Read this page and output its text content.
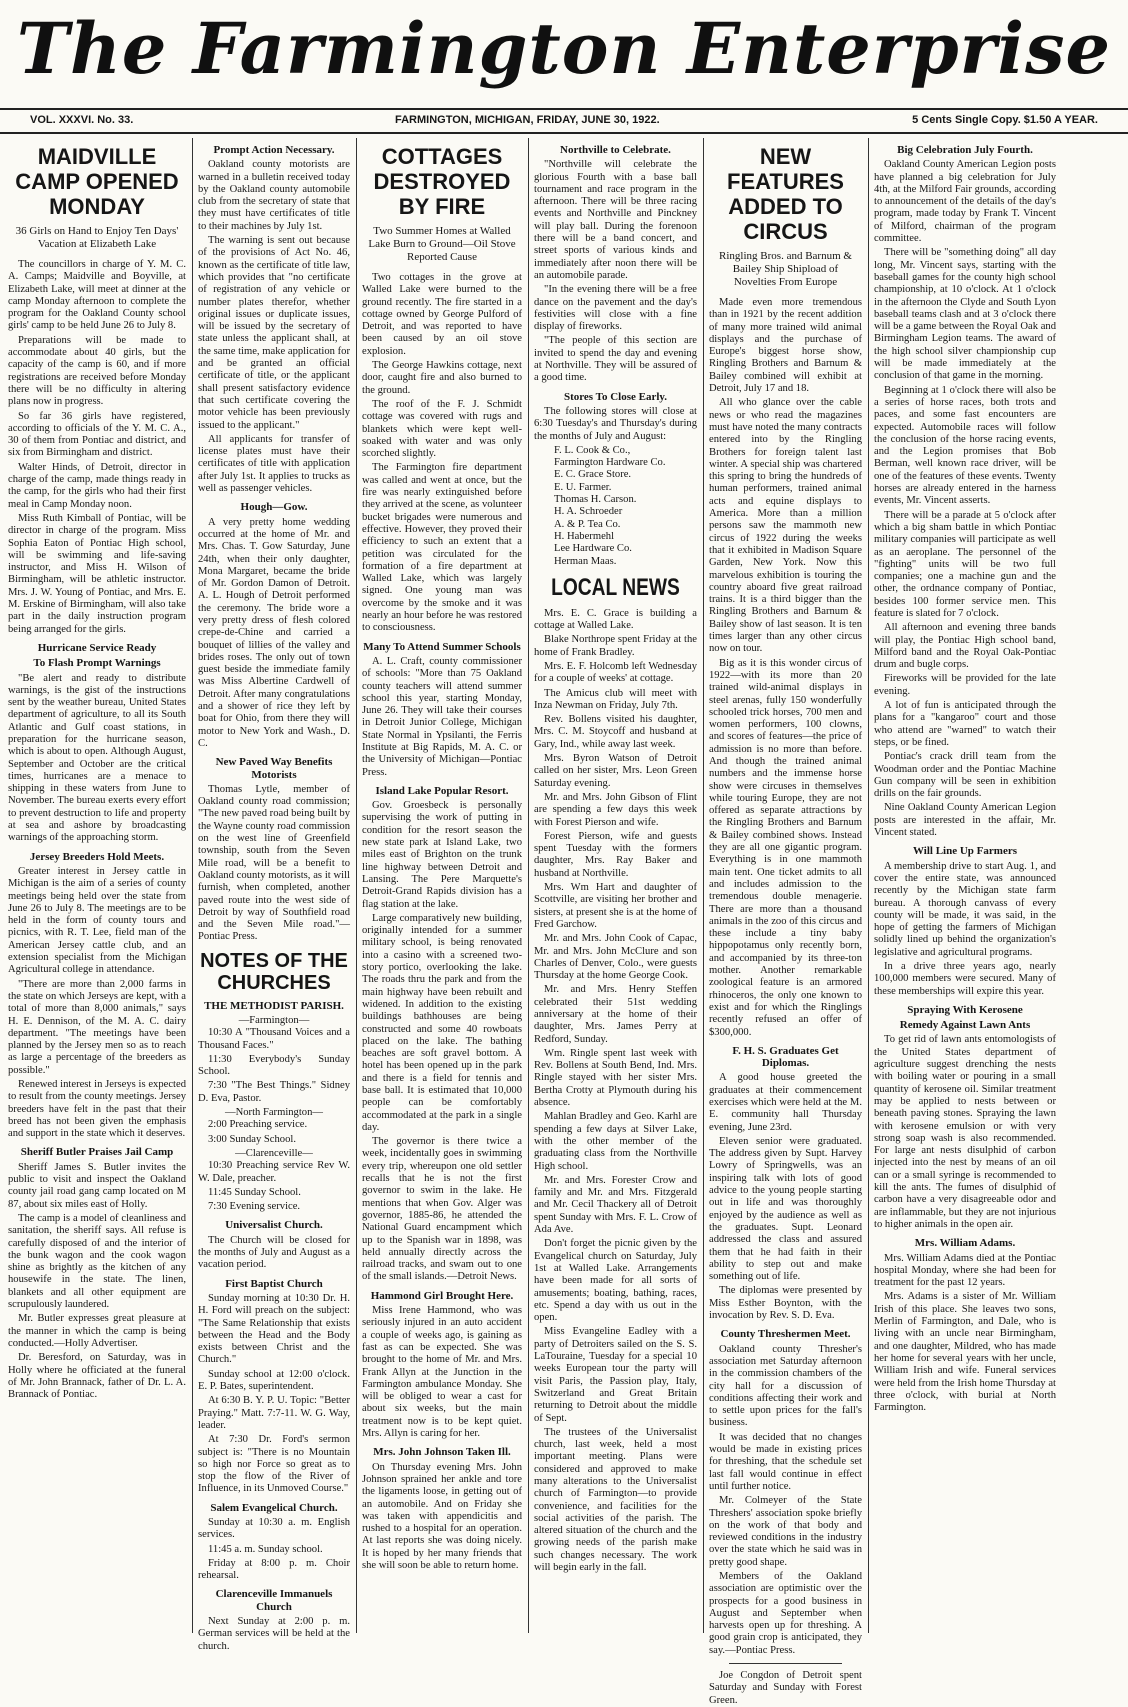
The Farmington Enterprise
VOL. XXXVI. No. 33.	FARMINGTON, MICHIGAN, FRIDAY, JUNE 30, 1922.	5 Cents Single Copy. $1.50 A YEAR.
MAIDVILLE CAMP OPENED MONDAY
36 Girls on Hand to Enjoy Ten Days' Vacation at Elizabeth Lake

The councillors in charge of Y. M. C. A. Camps; Maidville and Boyville, at Elizabeth Lake, will meet at dinner at the camp Monday afternoon to complete the program for the Oakland County school girls' camp to be held June 26 to July 8.

Preparations will be made to accommodate about 40 girls, but the capacity of the camp is 60, and if more registrations are received before Monday there will be no difficulty in altering plans now in progress.

So far 36 girls have registered, according to officials of the Y. M. C. A., 30 of them from Pontiac and district, and six from Birmingham and district.

Walter Hinds, of Detroit, director in charge of the camp, made things ready in the camp, for the girls who had their first meal in Camp Monday noon.

Miss Ruth Kimball of Pontiac, will be director in charge of the program. Miss Sophia Eaton of Pontiac High school, will be swimming and life-saving instructor, and Miss H. Wilson of Birmingham, will be athletic instructor. Mrs. J. W. Young of Pontiac, and Mrs. E. M. Erskine of Birmingham, will also take part in the daily instruction program being arranged for the girls.

Hurricane Service Ready
To Flash Prompt Warnings

"Be alert and ready to distribute warnings, is the gist of the instructions sent by the weather bureau, United States department of agriculture, to all its South Atlantic and Gulf coast stations, in preparation for the hurricane season, which is about to open. Although August, September and October are the critical times, hurricanes are a menace to shipping in these waters from June to November. The bureau exerts every effort to prevent destruction to life and property at sea and ashore by broadcasting warnings of the approaching storm.

Jersey Breeders Hold Meets.

Greater interest in Jersey cattle in Michigan is the aim of a series of county meetings being held over the state from June 26 to July 8. The meetings are to be held in the form of county tours and picnics, with R. T. Lee, field man of the American Jersey cattle club, and an extension specialist from the Michigan Agricultural college in attendance.

"There are more than 2,000 farms in the state on which Jerseys are kept, with a total of more than 8,000 animals," says H. E. Dennison, of the M. A. C. dairy department. "The meetings have been planned by the Jersey men so as to reach as large a percentage of the breeders as possible."

Renewed interest in Jerseys is expected to result from the county meetings. Jersey breeders have felt in the past that their breed has not been given the emphasis and support in the state which it deserves.

Sheriff Butler Praises Jail Camp

Sheriff James S. Butler invites the public to visit and inspect the Oakland county jail road gang camp located on M 87, about six miles east of Holly.

The camp is a model of cleanliness and sanitation, the sheriff says. All refuse is carefully disposed of and the interior of the bunk wagon and the cook wagon shine as brightly as the kitchen of any housewife in the state. The linen, blankets and all other equipment are scrupulously laundered.

Mr. Butler expresses great pleasure at the manner in which the camp is being conducted.—Holly Advertiser.

Dr. Beresford, on Saturday, was in Holly where he officiated at the funeral of Mr. John Brannack, father of Dr. L. A. Brannack of Pontiac.

Prompt Action Necessary.

Oakland county motorists are warned in a bulletin received today by the Oakland county automobile club from the secretary of state that they must have certificates of title to their machines by July 1st.

The warning is sent out because of the provisions of Act No. 46, known as the certificate of title law, which provides that "no certificate of registration of any vehicle or number plates therefor, whether original issues or duplicate issues, will be issued by the secretary of state unless the applicant shall, at the same time, make application for and be granted an official certificate of title, or the applicant shall present satisfactory evidence that such certificate covering the motor vehicle has been previously issued to the applicant."

All applicants for transfer of license plates must have their certificates of title with application after July 1st. It applies to trucks as well as passenger vehicles.

Hough—Gow.

A very pretty home wedding occurred at the home of Mr. and Mrs. Chas. T. Gow Saturday, June 24th, when their only daughter, Mona Margaret, became the bride of Mr. Gordon Damon of Detroit. A. L. Hough of Detroit performed the ceremony. The bride wore a very pretty dress of flesh colored crepe-de-Chine and carried a bouquet of lillies of the valley and brides roses. The only out of town guest beside the immediate family was Miss Albertine Cardwell of Detroit. After many congratulations and a shower of rice they left by boat for Ohio, from there they will motor to New York and Wash., D. C.

New Paved Way Benefits Motorists

Thomas Lytle, member of Oakland county road commission; "The new paved road being built by the Wayne county road commission on the west line of Greenfield township, south from the Seven Mile road, will be a benefit to Oakland county motorists, as it will furnish, when completed, another paved route into the west side of Detroit by way of Southfield road and the Seven Mile road."—Pontiac Press.

NOTES OF THE CHURCHES
THE METHODIST PARISH.
—Farmington—

10:30 A "Thousand Voices and a Thousand Faces."

11:30 Everybody's Sunday School.

7:30 "The Best Things." Sidney D. Eva, Pastor.

—North Farmington—

2:00 Preaching service.

3:00 Sunday School.

—Clarenceville—

10:30 Preaching service Rev W. W. Dale, preacher.

11:45 Sunday School.

7:30 Evening service.

Universalist Church.

The Church will be closed for the months of July and August as a vacation period.

First Baptist Church

Sunday morning at 10:30 Dr. H. H. Ford will preach on the subject: "The Same Relationship that exists between the Head and the Body exists between Christ and the Church."

Sunday school at 12:00 o'clock. E. P. Bates, superintendent.

At 6:30 B. Y. P. U. Topic: "Better Praying." Matt. 7:7-11. W. G. Way, leader.

At 7:30 Dr. Ford's sermon subject is: "There is no Mountain so high nor Force so great as to stop the flow of the River of Influence, in its Unmoved Course."

Salem Evangelical Church.

Sunday at 10:30 a. m. English services.

11:45 a. m. Sunday school.

Friday at 8:00 p. m. Choir rehearsal.

Clarenceville Immanuels Church

Next Sunday at 2:00 p. m. German services will be held at the church.

COTTAGES DESTROYED BY FIRE
Two Summer Homes at Walled Lake Burn to Ground—Oil Stove Reported Cause

Two cottages in the grove at Walled Lake were burned to the ground recently. The fire started in a cottage owned by George Pulford of Detroit, and was reported to have been caused by an oil stove explosion.

The George Hawkins cottage, next door, caught fire and also burned to the ground.

The roof of the F. J. Schmidt cottage was covered with rugs and blankets which were kept well-soaked with water and was only scorched slightly.

The Farmington fire department was called and went at once, but the fire was nearly extinguished before they arrived at the scene, as volunteer bucket brigades were numerous and effective. However, they proved their efficiency to such an extent that a petition was circulated for the formation of a fire department at Walled Lake, which was largely signed. One young man was overcome by the smoke and it was nearly an hour before he was restored to consciousness.

Many To Attend Summer Schools

A. L. Craft, county commissioner of schools: "More than 75 Oakland county teachers will attend summer school this year, starting Monday, June 26. They will take their courses in Detroit Junior College, Michigan State Normal in Ypsilanti, the Ferris Institute at Big Rapids, M. A. C. or the University of Michigan—Pontiac Press.

Island Lake Popular Resort.

Gov. Groesbeck is personally supervising the work of putting in condition for the resort season the new state park at Island Lake, two miles east of Brighton on the trunk line highway between Detroit and Lansing. The Pere Marquette's Detroit-Grand Rapids division has a flag station at the lake.

Large comparatively new building, originally intended for a summer military school, is being renovated into a casino with a screened two-story portico, overlooking the lake. The roads thru the park and from the main highway have been rebuilt and widened. In addition to the existing buildings bathhouses are being constructed and some 40 rowboats placed on the lake. The bathing beaches are soft gravel bottom. A hotel has been opened up in the park and there is a field for tennis and base ball. It is estimated that 10,000 people can be comfortably accommodated at the park in a single day.

The governor is there twice a week, incidentally goes in swimming every trip, whereupon one old settler recalls that he is not the first governor to swim in the lake. He mentions that when Gov. Alger was governor, 1885-86, he attended the National Guard encampment which up to the Spanish war in 1898, was held annually directly across the railroad tracks, and swam out to one of the small islands.—Detroit News.

Hammond Girl Brought Here.

Miss Irene Hammond, who was seriously injured in an auto accident a couple of weeks ago, is gaining as fast as can be expected. She was brought to the home of Mr. and Mrs. Frank Allyn at the Junction in the Farmington ambulance Monday. She will be obliged to wear a cast for about six weeks, but the main treatment now is to be kept quiet. Mrs. Allyn is caring for her.

Mrs. John Johnson Taken Ill.

On Thursday evening Mrs. John Johnson sprained her ankle and tore the ligaments loose, in getting out of an automobile. And on Friday she was taken with appendicitis and rushed to a hospital for an operation. At last reports she was doing nicely. It is hoped by her many friends that she will soon be able to return home.

Northville to Celebrate.

"Northville will celebrate the glorious Fourth with a base ball tournament and race program in the afternoon. There will be three racing events and Northville and Pinckney will play ball. During the forenoon there will be a band concert, and street sports of various kinds and immediately after noon there will be an automobile parade.

"In the evening there will be a free dance on the pavement and the day's festivities will close with a fine display of fireworks.

"The people of this section are invited to spend the day and evening at Northville. They will be assured of a good time.

Stores To Close Early.

The following stores will close at 6:30 Tuesday's and Thursday's during the months of July and August:

F. L. Cook & Co.,
Farmington Hardware Co.
E. C. Grace Store.
E. U. Farmer.
Thomas H. Carson.
H. A. Schroeder
A. & P. Tea Co.
H. Habermehl
Lee Hardware Co.
Herman Maas.
LOCAL NEWS

Mrs. E. C. Grace is building a cottage at Walled Lake.

Blake Northrope spent Friday at the home of Frank Bradley.

Mrs. E. F. Holcomb left Wednesday for a couple of weeks' at cottage.

The Amicus club will meet with Inza Newman on Friday, July 7th.

Rev. Bollens visited his daughter, Mrs. C. M. Stoycoff and husband at Gary, Ind., while away last week.

Mrs. Byron Watson of Detroit called on her sister, Mrs. Leon Green Saturday evening.

Mr. and Mrs. John Gibson of Flint are spending a few days this week with Forest Pierson and wife.

Forest Pierson, wife and guests spent Tuesday with the formers daughter, Mrs. Ray Baker and husband at Northville.

Mrs. Wm Hart and daughter of Scottville, are visiting her brother and sisters, at present she is at the home of Fred Garchow.

Mr. and Mrs. John Cook of Capac, Mr. and Mrs. John McClure and son Charles of Denver, Colo., were guests Thursday at the home George Cook.

Mr. and Mrs. Henry Steffen celebrated their 51st wedding anniversary at the home of their daughter, Mrs. James Perry at Redford, Sunday.

Wm. Ringle spent last week with Rev. Bollens at South Bend, Ind. Mrs. Ringle stayed with her sister Mrs. Bertha Crotty at Plymouth during his absence.

Mahlan Bradley and Geo. Karhl are spending a few days at Silver Lake, with the other member of the graduating class from the Northville High school.

Mr. and Mrs. Forester Crow and family and Mr. and Mrs. Fitzgerald and Mr. Cecil Thackery all of Detroit spent Sunday with Mrs. F. L. Crow of Ada Ave.

Don't forget the picnic given by the Evangelical church on Saturday, July 1st at Walled Lake. Arrangements have been made for all sorts of amusements; boating, bathing, races, etc. Spend a day with us out in the open.

Miss Evangeline Eadley with a party of Detroiters sailed on the S. S. LaTouraine, Tuesday for a special 10 weeks European tour the party will visit Paris, the Passion play, Italy, Switzerland and Great Britain returning to Detroit about the middle of Sept.

The trustees of the Universalist church, last week, held a most important meeting. Plans were considered and approved to make many alterations to the Universalist church of Farmington—to provide convenience, and facilities for the social activities of the parish. The altered situation of the church and the growing needs of the parish make such changes necessary. The work will begin early in the fall.

NEW FEATURES ADDED TO CIRCUS
Ringling Bros. and Barnum & Bailey Ship Shipload of Novelties From Europe

Made even more tremendous than in 1921 by the recent addition of many more trained wild animal displays and the purchase of Europe's biggest horse show, Ringling Brothers and Barnum & Bailey combined will exhibit at Detroit, July 17 and 18.

All who glance over the cable news or who read the magazines must have noted the many contracts entered into by the Ringling Brothers for foreign talent last winter. A special ship was chartered this spring to bring the hundreds of human performers, trained animal acts and equine displays to America. More than a million persons saw the mammoth new circus of 1922 during the weeks that it exhibited in Madison Square Garden, New York. Now this marvelous exhibition is touring the country aboard five great railroad trains. It is a third bigger than the Ringling Brothers and Barnum & Bailey show of last season. It is ten times larger than any other circus now on tour.

Big as it is this wonder circus of 1922—with its more than 20 trained wild-animal displays in steel arenas, fully 150 wonderfully schooled trick horses, 700 men and women performers, 100 clowns, and scores of features—the price of admission is no more than before. And though the trained animal numbers and the immense horse show were circuses in themselves while touring Europe, they are not offered as separate attractions by the Ringling Brothers and Barnum & Bailey combined shows. Instead they are all one gigantic program. Everything is in one mammoth main tent. One ticket admits to all and includes admission to the tremendous double menagerie. There are more than a thousand animals in the zoo of this circus and these include a tiny baby hippopotamus only recently born, and accompanied by its three-ton mother. Another remarkable zoological feature is an armored rhinoceros, the only one known to exist and for which the Ringlings recently refused an offer of $300,000.

F. H. S. Graduates Get Diplomas.

A good house greeted the graduates at their commencement exercises which were held at the M. E. community hall Thursday evening, June 23rd.

Eleven senior were graduated. The address given by Supt. Harvey Lowry of Springwells, was an inspiring talk with lots of good advice to the young people starting out in life and was thoroughly enjoyed by the audience as well as the graduates. Supt. Leonard addressed the class and assured them that he had faith in their ability to step out and make something out of life.

The diplomas were presented by Miss Esther Boynton, with the invocation by Rev. S. D. Eva.

County Threshermen Meet.

Oakland county Thresher's association met Saturday afternoon in the commission chambers of the city hall for a discussion of conditions affecting their work and to settle upon prices for the fall's business.

It was decided that no changes would be made in existing prices for threshing, that the schedule set last fall would continue in effect until further notice.

Mr. Colmeyer of the State Threshers' association spoke briefly on the work of that body and reviewed conditions in the industry over the state which he said was in pretty good shape.

Members of the Oakland association are optimistic over the prospects for a good business in August and September when harvests open up for threshing. A good grain crop is anticipated, they say.—Pontiac Press.

Joe Congdon of Detroit spent Saturday and Sunday with Forest Green.

Big Celebration July Fourth.

Oakland County American Legion posts have planned a big celebration for July 4th, at the Milford Fair grounds, according to announcement of the details of the day's program, made today by Frank T. Vincent of Milford, chairman of the program committee.

There will be "something doing" all day long, Mr. Vincent says, starting with the baseball games for the county high school championship, at 10 o'clock. At 1 o'clock in the afternoon the Clyde and South Lyon baseball teams clash and at 3 o'clock there will be a game between the Royal Oak and Birmingham Legion teams. The award of the high school silver championship cup will be made immediately at the conclusion of that game in the morning.

Beginning at 1 o'clock there will also be a series of horse races, both trots and paces, and some fast encounters are expected. Automobile races will follow the conclusion of the horse racing events, and the Legion promises that Bob Berman, well known race driver, will be one of the features of these events. Twenty horses are already entered in the harness events, Mr. Vincent asserts.

There will be a parade at 5 o'clock after which a big sham battle in which Pontiac military companies will participate as well as an aeroplane. The personnel of the "fighting" units will be two full companies; one a machine gun and the other, the ordnance company of Pontiac, besides 100 former service men. This feature is slated for 7 o'clock.

All afternoon and evening three bands will play, the Pontiac High school band, Milford band and the Royal Oak-Pontiac drum and bugle corps.

Fireworks will be provided for the late evening.

A lot of fun is anticipated through the plans for a "kangaroo" court and those who attend are "warned" to watch their steps, or be fined.

Pontiac's crack drill team from the Woodman order and the Pontiac Machine Gun company will be seen in exhibition drills on the fair grounds.

Nine Oakland County American Legion posts are interested in the affair, Mr. Vincent stated.

Will Line Up Farmers

A membership drive to start Aug. 1, and cover the entire state, was announced recently by the Michigan state farm bureau. A thorough canvass of every county will be made, it was said, in the hope of getting the farmers of Michigan solidly lined up behind the organization's legislative and agricultural programs.

In a drive three years ago, nearly 100,000 members were secured. Many of these memberships will expire this year.

Spraying With Kerosene
Remedy Against Lawn Ants

To get rid of lawn ants entomologists of the United States department of agriculture suggest drenching the nests with boiling water or pouring in a small quantity of kerosene oil. Similar treatment may be applied to nests between or beneath paving stones. Spraying the lawn with kerosene emulsion or with very strong soap wash is also recommended. For large ant nests disulphid of carbon injected into the nest by means of an oil can or a small syringe is recommended to kill the ants. The fumes of disulphid of carbon have a very disagreeable odor and are inflammable, but they are not injurious to higher animals in the open air.

Mrs. William Adams.

Mrs. William Adams died at the Pontiac hospital Monday, where she had been for treatment for the past 12 years.

Mrs. Adams is a sister of Mr. William Irish of this place. She leaves two sons, Merlin of Farmington, and Dale, who is living with an uncle near Birmingham, and one daughter, Mildred, who has made her home for several years with her uncle, William Irish and wife. Funeral services were held from the Irish home Thursday at three o'clock, with burial at North Farmington.
